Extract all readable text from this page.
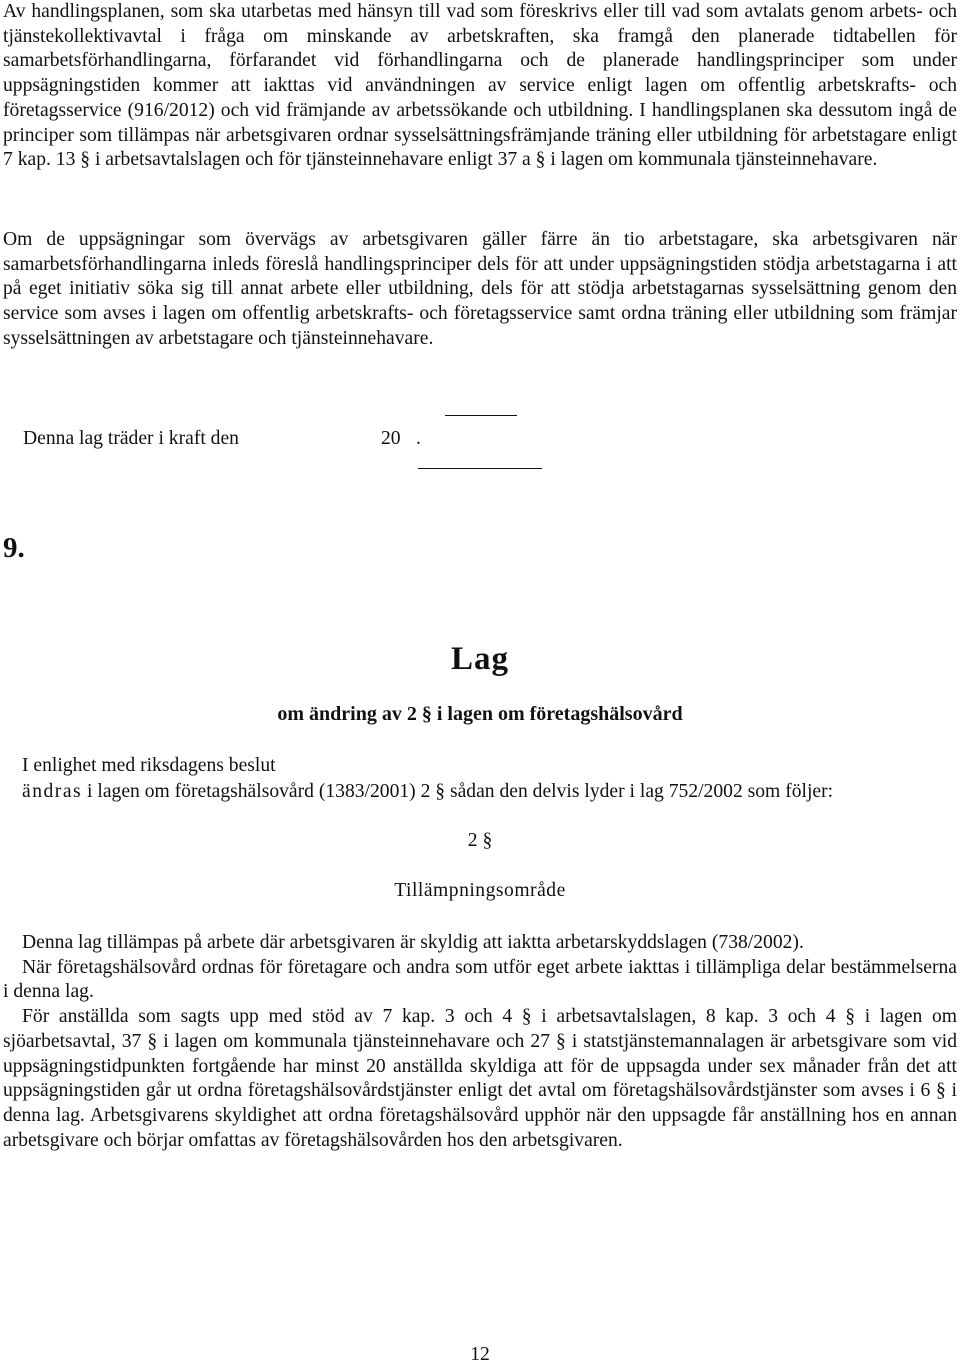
Av handlingsplanen, som ska utarbetas med hänsyn till vad som föreskrivs eller till vad som avtalats genom arbets- och tjänstekollektivavtal i fråga om minskande av arbetskraften, ska framgå den planerade tidtabellen för samarbetsförhandlingarna, förfarandet vid förhandlingarna och de planerade handlingsprinciper som under uppsägningstiden kommer att iakttas vid användningen av service enligt lagen om offentlig arbetskrafts- och företagsservice (916/2012) och vid främjande av arbetssökande och utbildning. I handlingsplanen ska dessutom ingå de principer som tillämpas när arbetsgivaren ordnar sysselsättningsfrämjande träning eller utbildning för arbetstagare enligt 7 kap. 13 § i arbetsavtalslagen och för tjänsteinnehavare enligt 37 a § i lagen om kommunala tjänsteinnehavare.

Om de uppsägningar som övervägs av arbetsgivaren gäller färre än tio arbetstagare, ska arbetsgivaren när samarbetsförhandlingarna inleds föreslå handlingsprinciper dels för att under uppsägningstiden stödja arbetstagarna i att på eget initiativ söka sig till annat arbete eller utbildning, dels för att stödja arbetstagarnas sysselsättning genom den service som avses i lagen om offentlig arbetskrafts- och företagsservice samt ordna träning eller utbildning som främjar sysselsättningen av arbetstagare och tjänsteinnehavare.

Denna lag träder i kraft den	20 .
9.
Lag
om ändring av 2 § i lagen om företagshälsovård
I enlighet med riksdagens beslut

ändras i lagen om företagshälsovård (1383/2001) 2 § sådan den delvis lyder i lag 752/2002 som följer:

2 §
Tillämpningsområde

Denna lag tillämpas på arbete där arbetsgivaren är skyldig att iaktta arbetarskyddslagen (738/2002).

När företagshälsovård ordnas för företagare och andra som utför eget arbete iakttas i tillämpliga delar bestämmelserna i denna lag.

För anställda som sagts upp med stöd av 7 kap. 3 och 4 § i arbetsavtalslagen, 8 kap. 3 och 4 § i lagen om sjöarbetsavtal, 37 § i lagen om kommunala tjänsteinnehavare och 27 § i statstjänstemannalagen är arbetsgivare som vid uppsägningstidpunkten fortgående har minst 20 anställda skyldiga att för de uppsagda under sex månader från det att uppsägningstiden går ut ordna företagshälsovårdstjänster enligt det avtal om företagshälsovårdstjänster som avses i 6 § i denna lag. Arbetsgivarens skyldighet att ordna företagshälsovård upphör när den uppsagde får anställning hos en annan arbetsgivare och börjar omfattas av företagshälsovården hos den arbetsgivaren.

12
